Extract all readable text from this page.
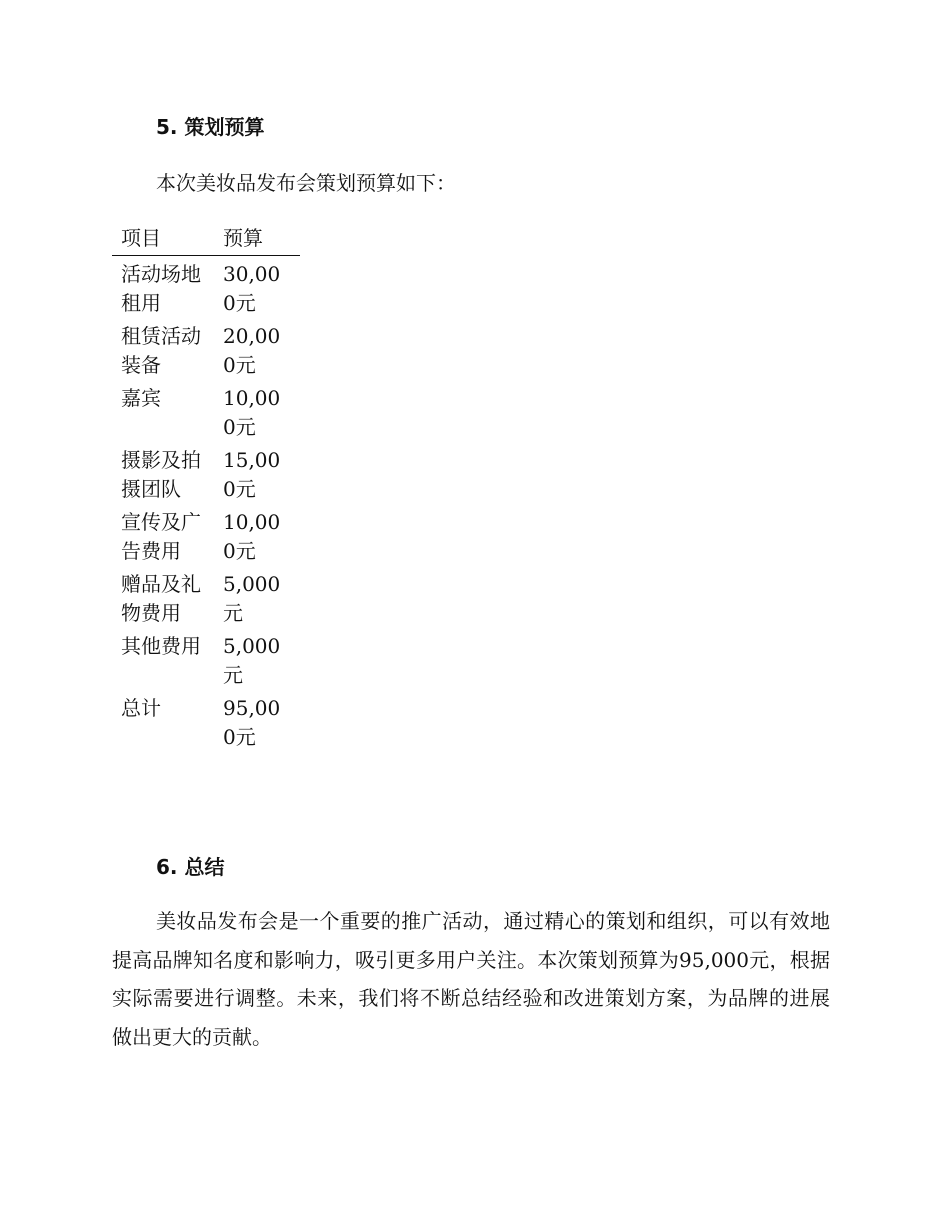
5. 策划预算
本次美妆品发布会策划预算如下：
项目	预算
活动场地租用	30,000元
租赁活动装备	20,000元
嘉宾	10,000元
摄影及拍摄团队	15,000元
宣传及广告费用	10,000元
赠品及礼物费用	5,000元
其他费用	5,000元
总计	95,000元
6. 总结

美妆品发布会是一个重要的推广活动，通过精心的策划和组织，可以有效地提高品牌知名度和影响力，吸引更多用户关注。本次策划预算为95,000元，根据实际需要进行调整。未来，我们将不断总结经验和改进策划方案，为品牌的进展做出更大的贡献。
